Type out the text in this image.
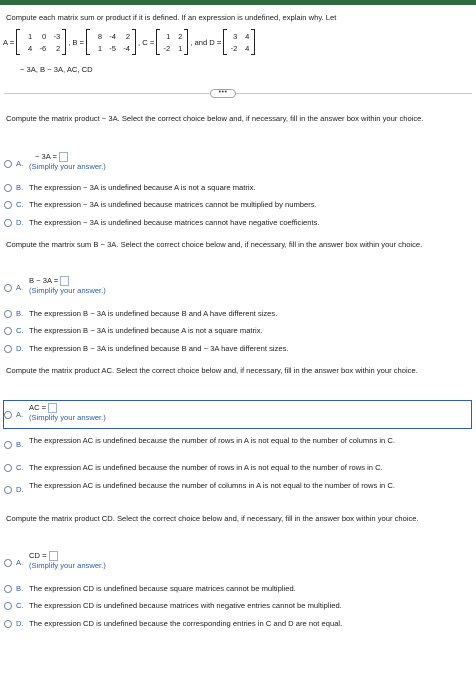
Compute each matrix sum or product if it is defined. If an expression is undefined, explain why. Let
A =
1	0 -3
4 -6	2
, B =
8 -4	2
1 -5 -4
, C =
1	2
-2	1
, and D =
3	4
-2	4
− 3A, B − 3A, AC, CD
•••
Compute the matrix product − 3A. Select the correct choice below and, if necessary, fill in the answer box within your choice.
A.
− 3A =
(Simplify your answer.)
B. The expression − 3A is undefined because A is not a square matrix.
C. The expression − 3A is undefined because matrices cannot be multiplied by numbers.
D. The expression − 3A is undefined because matrices cannot have negative coefficients.
Compute the martrix sum B − 3A. Select the correct choice below and, if necessary, fill in the answer box within your choice.
A.
B − 3A =
(Simplify your answer.)
B. The expression B − 3A is undefined because B and A have different sizes.
C. The expression B − 3A is undefined because A is not a square matrix.
D. The expression B − 3A is undefined because B and − 3A have different sizes.
Compute the matrix product AC. Select the correct choice below and, if necessary, fill in the answer box within your choice.
A.
AC =
(Simplify your answer.)
B. The expression AC is undefined because the number of rows in A is not equal to the number of columns in C.
C. The expression AC is undefined because the number of rows in A is not equal to the number of rows in C.
D. The expression AC is undefined because the number of columns in A is not equal to the number of rows in C.
Compute the matrix product CD. Select the correct choice below and, if necessary, fill in the answer box within your choice.
A.
CD =
(Simplify your answer.)
B. The expression CD is undefined because square matrices cannot be multiplied.
C. The expression CD is undefined because matrices with negative entries cannot be multiplied.
D. The expression CD is undefined because the corresponding entries in C and D are not equal.
